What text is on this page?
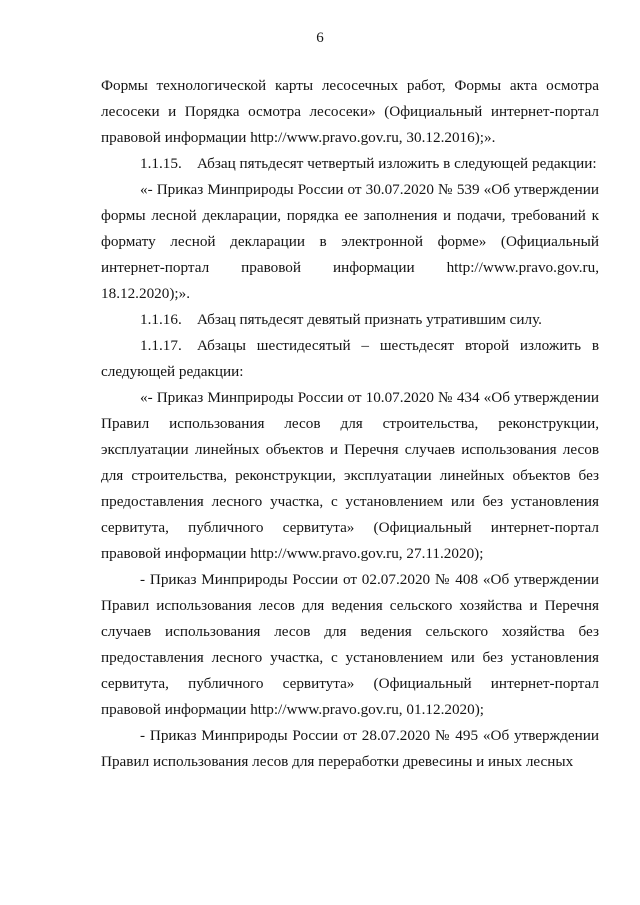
6

Формы технологической карты лесосечных работ, Формы акта осмотра лесосеки и Порядка осмотра лесосеки» (Официальный интернет-портал правовой информации http://www.pravo.gov.ru, 30.12.2016);».

1.1.15. Абзац пятьдесят четвертый изложить в следующей редакции:

«- Приказ Минприроды России от 30.07.2020 № 539 «Об утверждении формы лесной декларации, порядка ее заполнения и подачи, требований к формату лесной декларации в электронной форме» (Официальный интернет-портал правовой информации http://www.pravo.gov.ru, 18.12.2020);».

1.1.16. Абзац пятьдесят девятый признать утратившим силу.

1.1.17. Абзацы шестидесятый – шестьдесят второй изложить в следующей редакции:

«- Приказ Минприроды России от 10.07.2020 № 434 «Об утверждении Правил использования лесов для строительства, реконструкции, эксплуатации линейных объектов и Перечня случаев использования лесов для строительства, реконструкции, эксплуатации линейных объектов без предоставления лесного участка, с установлением или без установления сервитута, публичного сервитута» (Официальный интернет-портал правовой информации http://www.pravo.gov.ru, 27.11.2020);

- Приказ Минприроды России от 02.07.2020 № 408 «Об утверждении Правил использования лесов для ведения сельского хозяйства и Перечня случаев использования лесов для ведения сельского хозяйства без предоставления лесного участка, с установлением или без установления сервитута, публичного сервитута» (Официальный интернет-портал правовой информации http://www.pravo.gov.ru, 01.12.2020);

- Приказ Минприроды России от 28.07.2020 № 495 «Об утверждении Правил использования лесов для переработки древесины и иных лесных
